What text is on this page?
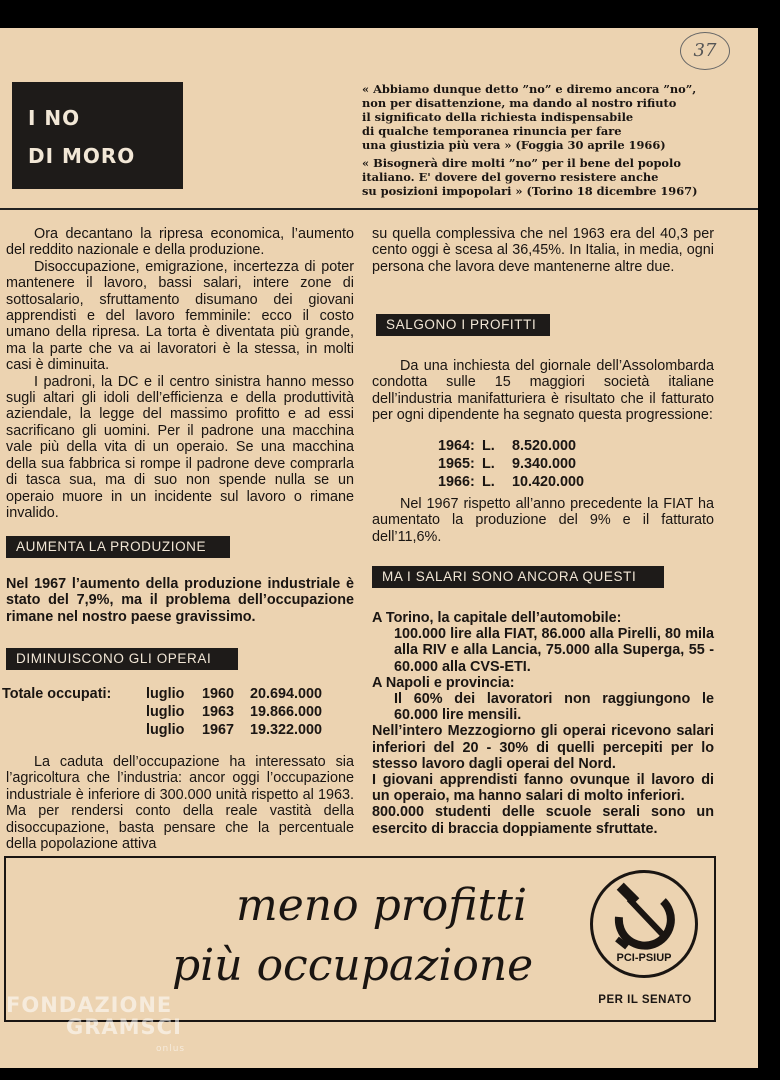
37
I NO
DI MORO
« Abbiamo dunque detto ”no” e diremo ancora ”no”,
non per disattenzione, ma dando al nostro rifiuto
il significato della richiesta indispensabile
di qualche temporanea rinuncia per fare
una giustizia più vera » (Foggia 30 aprile 1966)
« Bisognerà dire molti ”no” per il bene del popolo
italiano. E' dovere del governo resistere anche
su posizioni impopolari » (Torino 18 dicembre 1967)

Ora decantano la ripresa economica, l’aumento del reddito nazionale e della produzione.

Disoccupazione, emigrazione, incertezza di poter mantenere il lavoro, bassi salari, intere zone di sottosalario, sfruttamento disumano dei giovani apprendisti e del lavoro femminile: ecco il costo umano della ripresa. La torta è diventata più grande, ma la parte che va ai lavoratori è la stessa, in molti casi è diminuita.

I padroni, la DC e il centro sinistra hanno messo sugli altari gli idoli dell’efficienza e della produttività aziendale, la legge del massimo profitto e ad essi sacrificano gli uomini. Per il padrone una macchina vale più della vita di un operaio. Se una macchina della sua fabbrica si rompe il padrone deve comprarla di tasca sua, ma di suo non spende nulla se un operaio muore in un incidente sul lavoro o rimane invalido.

AUMENTA LA PRODUZIONE
Nel 1967 l’aumento della produzione industriale è stato del 7,9%, ma il problema dell’occupazione rimane nel nostro paese gravissimo.
DIMINUISCONO GLI OPERAI
Totale occupati: luglio 1960 20.694.000
luglio 1963 19.866.000
luglio 1967 19.322.000

La caduta dell’occupazione ha interessato sia l’agricoltura che l’industria: ancor oggi l’occupazione industriale è inferiore di 300.000 unità rispetto al 1963. Ma per rendersi conto della reale vastità della disoccupazione, basta pensare che la percentuale della popolazione attiva

su quella complessiva che nel 1963 era del 40,3 per cento oggi è scesa al 36,45%. In Italia, in media, ogni persona che lavora deve mantenerne altre due.
SALGONO I PROFITTI

Da una inchiesta del giornale dell’Assolombarda condotta sulle 15 maggiori società italiane dell’industria manifatturiera è risultato che il fatturato per ogni dipendente ha segnato questa progressione:

1964: L. 8.520.000
1965: L. 9.340.000
1966: L. 10.420.000

Nel 1967 rispetto all’anno precedente la FIAT ha aumentato la produzione del 9% e il fatturato dell’11,6%.

MA I SALARI SONO ANCORA QUESTI
A Torino, la capitale dell’automobile:
100.000 lire alla FIAT, 86.000 alla Pirelli, 80 mila alla RIV e alla Lancia, 75.000 alla Superga, 55 - 60.000 alla CVS-ETI.
A Napoli e provincia:
Il 60% dei lavoratori non raggiungono le 60.000 lire mensili.
Nell’intero Mezzogiorno gli operai ricevono salari inferiori del 20 - 30% di quelli percepiti per lo stesso lavoro dagli operai del Nord.
I giovani apprendisti fanno ovunque il lavoro di un operaio, ma hanno salari di molto inferiori.
800.000 studenti delle scuole serali sono un esercito di braccia doppiamente sfruttate.
meno profitti
più occupazione	PCI-PSIUP
PER IL SENATO
FONDAZIONE
GRAMSCI
onlus
